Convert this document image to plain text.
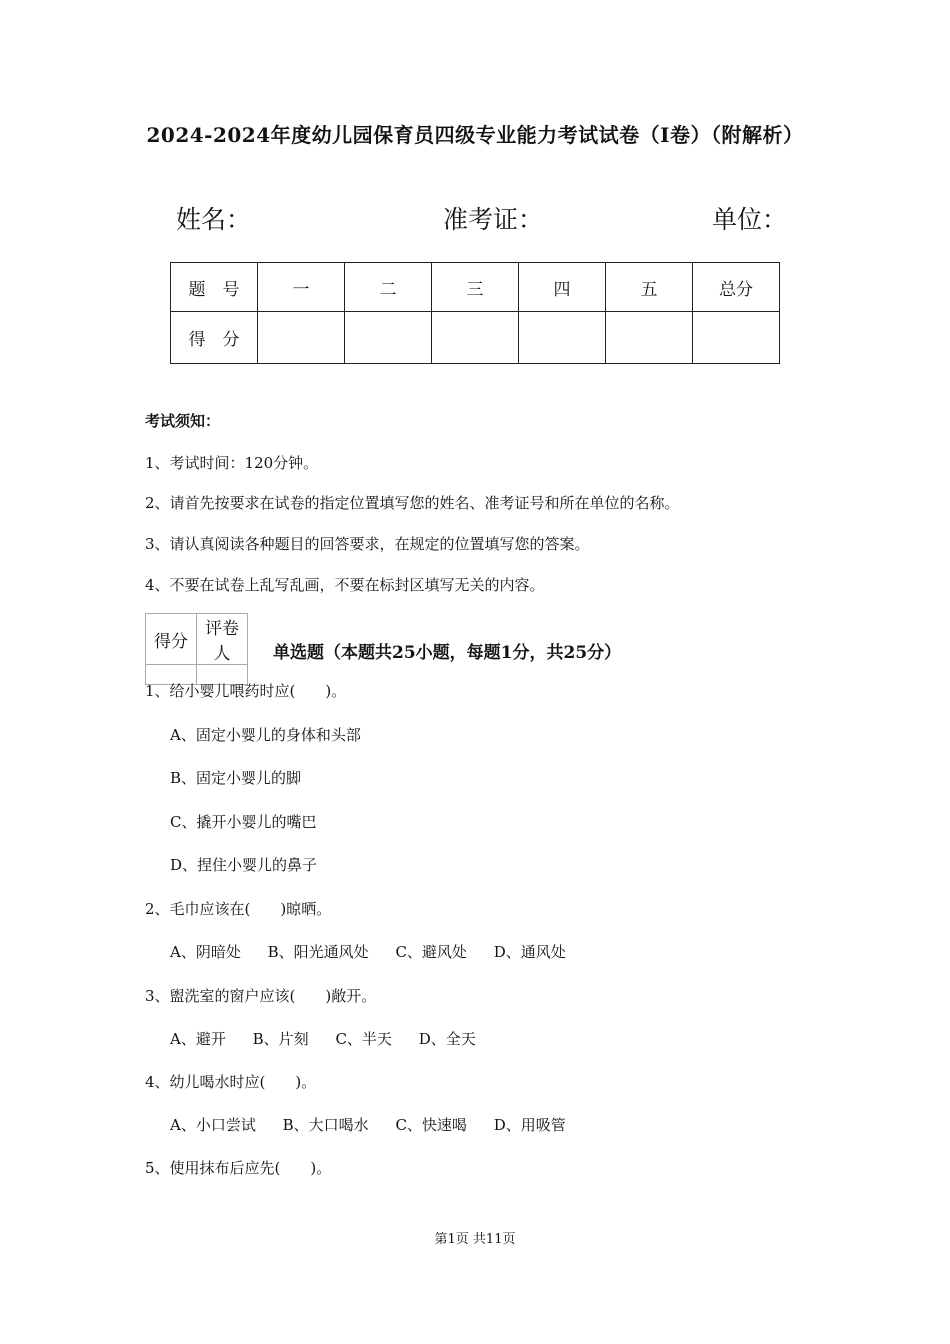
2024-2024年度幼儿园保育员四级专业能力考试试卷（I卷）（附解析）
姓名：	准考证：	单位：
题　号	一	二	三	四	五	总分
得　分						
考试须知：
1、考试时间：120分钟。
2、请首先按要求在试卷的指定位置填写您的姓名、准考证号和所在单位的名称。
3、请认真阅读各种题目的回答要求，在规定的位置填写您的答案。
4、不要在试卷上乱写乱画，不要在标封区填写无关的内容。
得分	评卷人
		单选题（本题共25小题，每题1分，共25分）
1、给小婴儿喂药时应(　　)。
A、固定小婴儿的身体和头部
B、固定小婴儿的脚
C、撬开小婴儿的嘴巴
D、捏住小婴儿的鼻子
2、毛巾应该在(　　)晾晒。
A、阴暗处 B、阳光通风处 C、避风处 D、通风处
3、盥洗室的窗户应该(　　)敞开。
A、避开 B、片刻 C、半天 D、全天
4、幼儿喝水时应(　　)。
A、小口尝试 B、大口喝水 C、快速喝 D、用吸管
5、使用抹布后应先(　　)。
第1页 共11页
